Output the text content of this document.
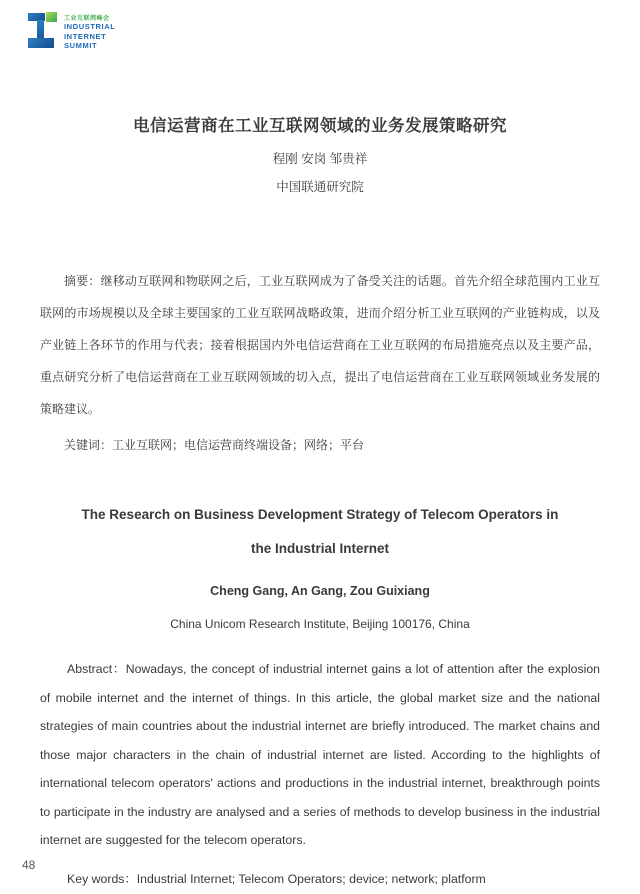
工业互联网峰会
INDUSTRIAL
INTERNET
SUMMIT
电信运营商在工业互联网领域的业务发展策略研究
程刚 安岗 邹贵祥
中国联通研究院

摘要：继移动互联网和物联网之后，工业互联网成为了备受关注的话题。首先介绍全球范围内工业互联网的市场规模以及全球主要国家的工业互联网战略政策，进而介绍分析工业互联网的产业链构成，以及产业链上各环节的作用与代表；接着根据国内外电信运营商在工业互联网的布局措施亮点以及主要产品，重点研究分析了电信运营商在工业互联网领域的切入点，提出了电信运营商在工业互联网领域业务发展的策略建议。

关键词：工业互联网；电信运营商终端设备；网络；平台

The Research on Business Development Strategy of Telecom Operators in the Industrial Internet
Cheng Gang, An Gang, Zou Guixiang
China Unicom Research Institute, Beijing 100176, China

Abstract：Nowadays, the concept of industrial internet gains a lot of attention after the explosion of mobile internet and the internet of things. In this article, the global market size and the national strategies of main countries about the industrial internet are briefly introduced. The market chains and those major characters in the chain of industrial internet are listed. According to the highlights of international telecom operators' actions and productions in the industrial internet, breakthrough points to participate in the industry are analysed and a series of methods to develop business in the industrial internet are suggested for the telecom operators.

Key words：Industrial Internet; Telecom Operators; device; network; platform

48
